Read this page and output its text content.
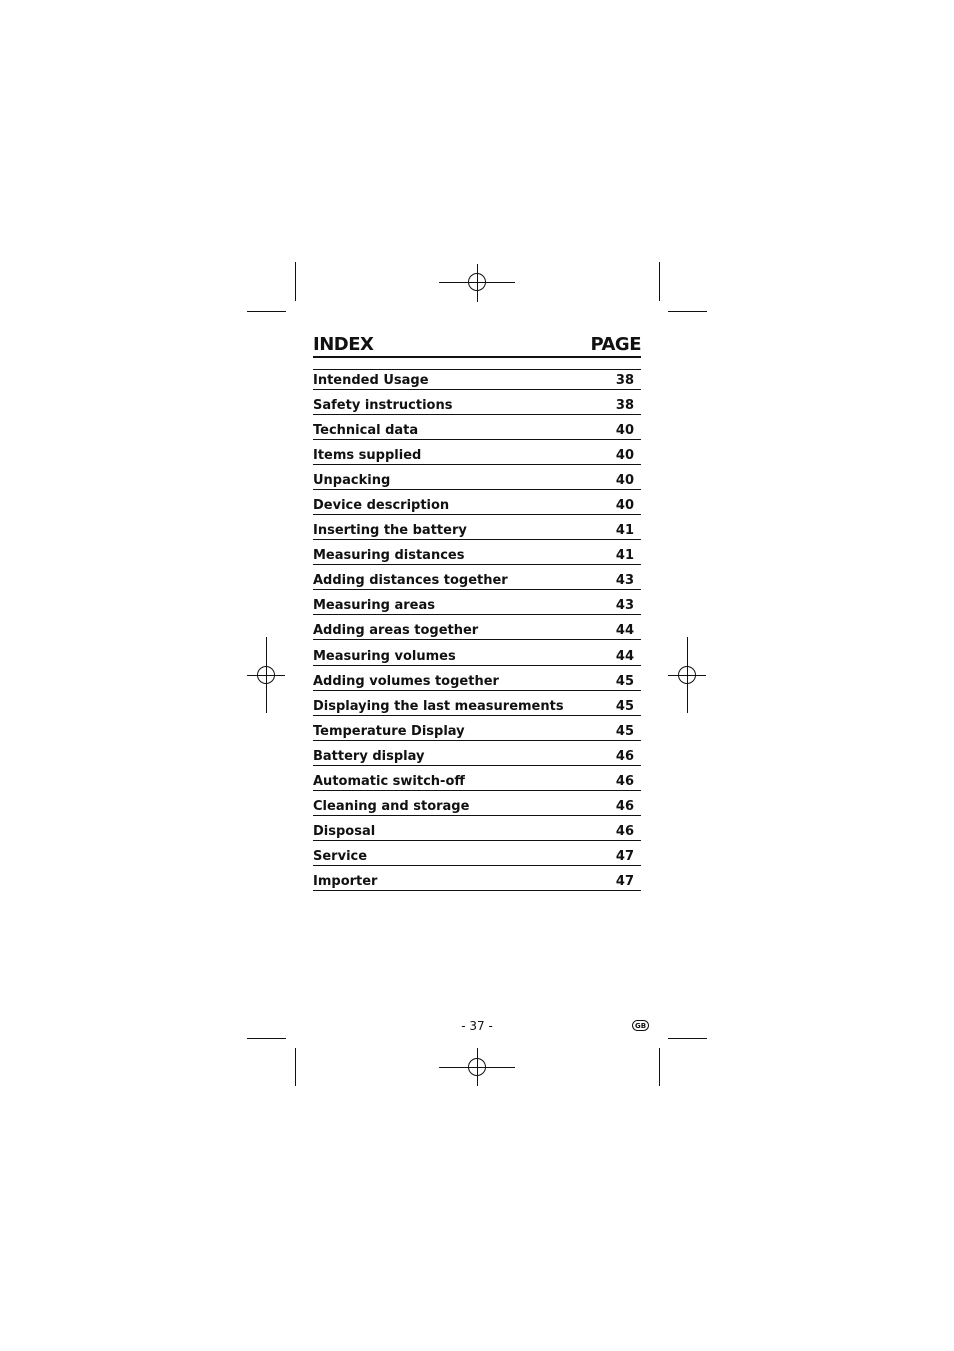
INDEX	PAGE
Intended Usage	38
Safety instructions	38
Technical data	40
Items supplied	40
Unpacking	40
Device description	40
Inserting the battery	41
Measuring distances	41
Adding distances together	43
Measuring areas	43
Adding areas together	44
Measuring volumes	44
Adding volumes together	45
Displaying the last measurements	45
Temperature Display	45
Battery display	46
Automatic switch-off	46
Cleaning and storage	46
Disposal	46
Service	47
Importer	47
- 37 -	GB
